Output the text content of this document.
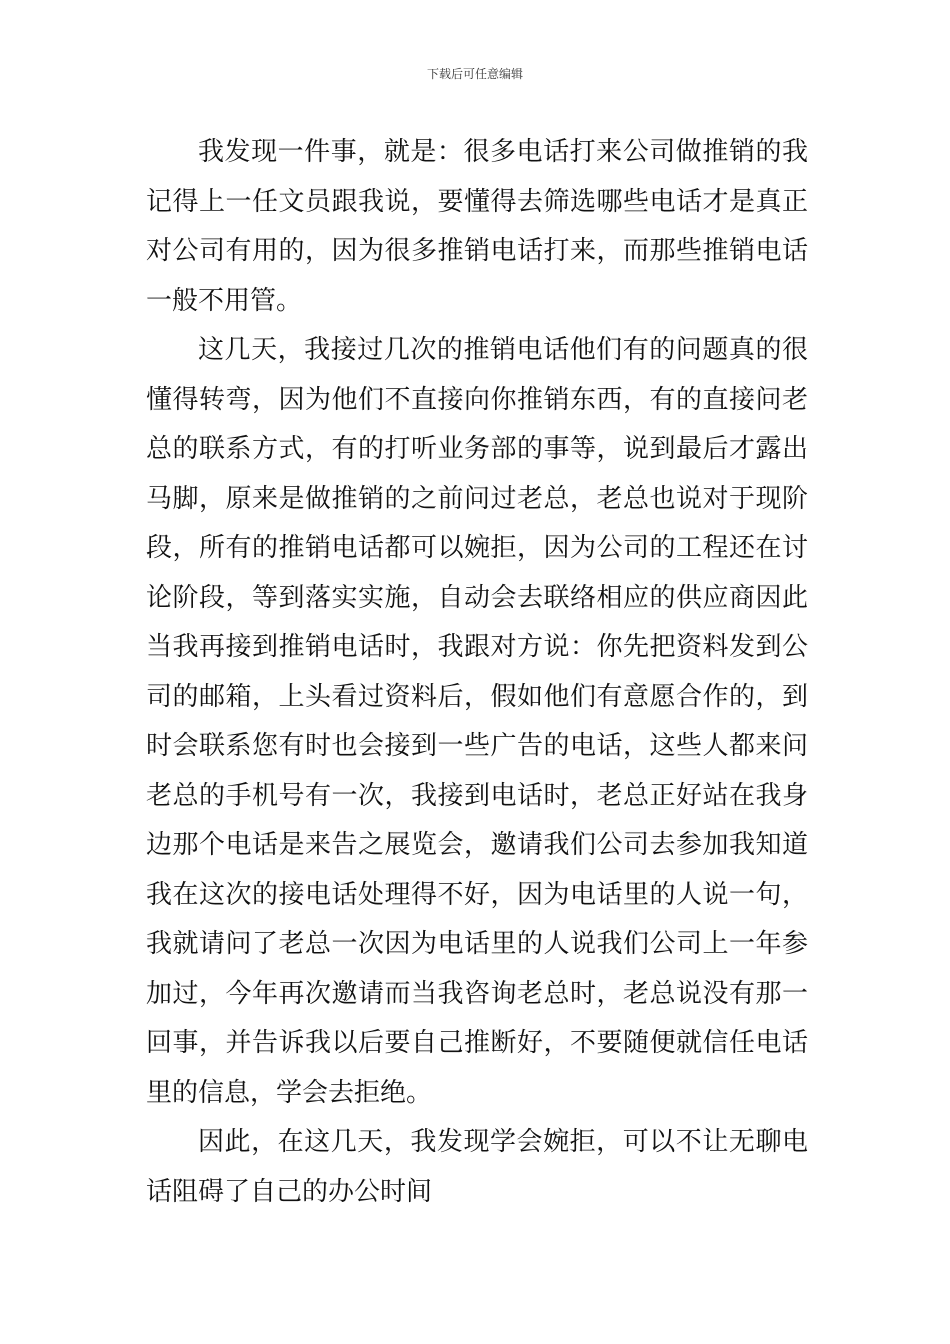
下载后可任意编辑

我发现一件事，就是：很多电话打来公司做推销的我记得上一任文员跟我说，要懂得去筛选哪些电话才是真正对公司有用的，因为很多推销电话打来，而那些推销电话一般不用管。

这几天，我接过几次的推销电话他们有的问题真的很懂得转弯，因为他们不直接向你推销东西，有的直接问老总的联系方式，有的打听业务部的事等，说到最后才露出马脚，原来是做推销的之前问过老总，老总也说对于现阶段，所有的推销电话都可以婉拒，因为公司的工程还在讨论阶段，等到落实实施，自动会去联络相应的供应商因此当我再接到推销电话时，我跟对方说：你先把资料发到公司的邮箱，上头看过资料后，假如他们有意愿合作的，到时会联系您有时也会接到一些广告的电话，这些人都来问老总的手机号有一次，我接到电话时，老总正好站在我身边那个电话是来告之展览会，邀请我们公司去参加我知道我在这次的接电话处理得不好，因为电话里的人说一句，我就请问了老总一次因为电话里的人说我们公司上一年参加过，今年再次邀请而当我咨询老总时，老总说没有那一回事，并告诉我以后要自己推断好，不要随便就信任电话里的信息，学会去拒绝。

因此，在这几天，我发现学会婉拒，可以不让无聊电话阻碍了自己的办公时间
